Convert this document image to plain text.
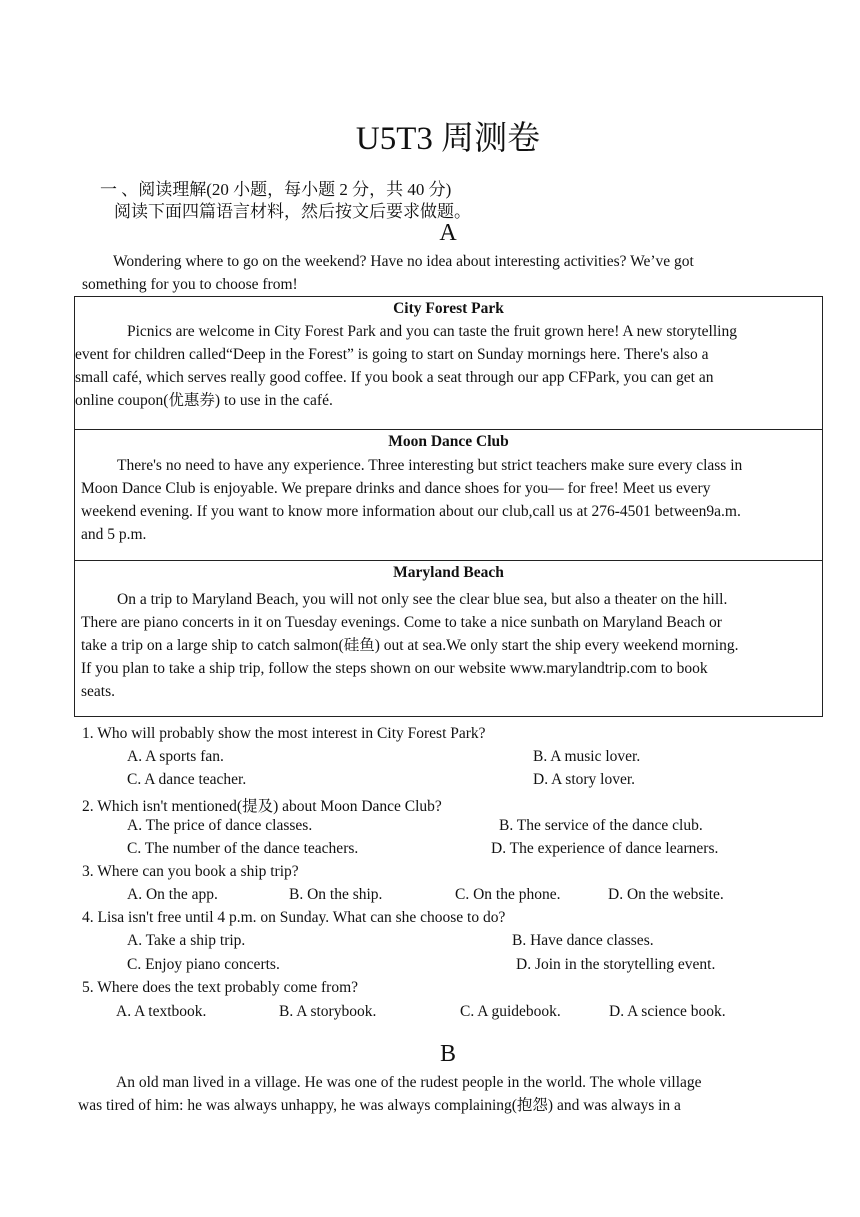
U5T3 周测卷
一 、阅读理解(20 小题，每小题 2 分，共 40 分)
阅读下面四篇语言材料，然后按文后要求做题。
A
Wondering where to go on the weekend? Have no idea about interesting activities? We’ve got
something for you to choose from!
City Forest Park
Picnics are welcome in City Forest Park and you can taste the fruit grown here! A new storytelling
event for children called“Deep in the Forest” is going to start on Sunday mornings here. There's also a
small café, which serves really good coffee. If you book a seat through our app CFPark, you can get an
online coupon(优惠券) to use in the café.
Moon Dance Club
There's no need to have any experience. Three interesting but strict teachers make sure every class in
Moon Dance Club is enjoyable. We prepare drinks and dance shoes for you— for free! Meet us every
weekend evening. If you want to know more information about our club,call us at 276-4501 between9a.m.
and 5 p.m.
Maryland Beach
On a trip to Maryland Beach, you will not only see the clear blue sea, but also a theater on the hill.
There are piano concerts in it on Tuesday evenings. Come to take a nice sunbath on Maryland Beach or
take a trip on a large ship to catch salmon(硅鱼) out at sea.We only start the ship every weekend morning.
If you plan to take a ship trip, follow the steps shown on our website www.marylandtrip.com to book
seats.
1. Who will probably show the most interest in City Forest Park?
A. A sports fan.	B. A music lover.
C. A dance teacher.	D. A story lover.
2. Which isn't mentioned(提及) about Moon Dance Club?
A. The price of dance classes.	B. The service of the dance club.
C. The number of the dance teachers.	D. The experience of dance learners.
3. Where can you book a ship trip?
A. On the app.	B. On the ship.	C. On the phone.	D. On the website.
4. Lisa isn't free until 4 p.m. on Sunday. What can she choose to do?
A. Take a ship trip.	B. Have dance classes.
C. Enjoy piano concerts.	D. Join in the storytelling event.
5. Where does the text probably come from?
A. A textbook.	B. A storybook.	C. A guidebook.	D. A science book.
B
An old man lived in a village. He was one of the rudest people in the world. The whole village
was tired of him: he was always unhappy, he was always complaining(抱怨) and was always in a
